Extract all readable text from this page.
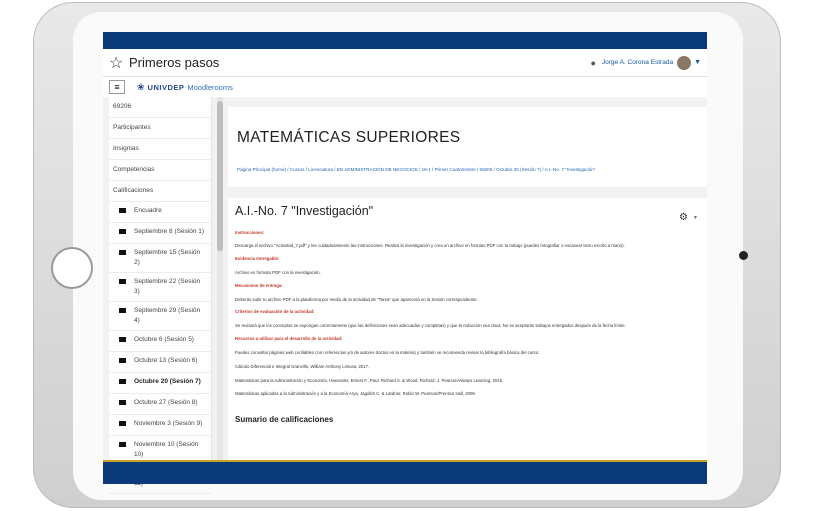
☆ Primeros pasos	● Jorge A. Corona Estrada	▼
≡	❀ UNIVDEP Moodlerooms
69206
Participantes
Insignias
Competencias
Calificaciones
Encuadre
Septiembre 8 (Sesión 1)
Septiembre 15 (Sesión 2)
Septiembre 22 (Sesión 3)
Septiembre 29 (Sesión 4)
Octubre 6 (Sesión 5)
Octubre 13 (Sesión 6)
Octubre 20 (Sesión 7)
Octubre 27 (Sesión 8)
Noviembre 3 (Sesión 9)
Noviembre 10 (Sesión 10)
MATEMÁTICAS SUPERIORES
Página Principal (home) / Cursos / Licenciatura / EN ADMINISTRACIÓN DE NEGOCIOS / 19-1 / Primer Cuatrimestre / 69206 / Octubre 20 (Sesión 7) / A.I.-No. 7 "Investigación"
A.I.-No. 7 "Investigación"	⚙ ▼
Instrucciones:
Descarga el archivo "Actividad_7.pdf" y lee cuidadosamente las instrucciones. Realiza la investigación y crea un archivo en formato PDF con tu trabajo (puedes fotografiar o escanear texto escrito a mano).
Evidencia entregable:
Archivo en formato PDF con la investigación.
Mecanismo de entrega:
Deberás subir tu archivo PDF a la plataforma por medio de la actividad de "Tarea" que aparecerá en la Sesión correspondiente.
Criterios de evaluación de la actividad:
Se revisará que los conceptos se expongan correctamente (que las definiciones sean adecuadas y completas) y que la redacción sea clara. No se aceptarán trabajos entregados después de la fecha límite.
Recursos a utilizar para el desarrollo de la actividad:
Puedes consultar páginas web confiables (con referencias y/o de autores doctos en la materia) y también se recomienda revisar la bibliografía básica del curso:
Cálculo Diferencial e Integral Granville, William Anthony Limusa, 2017.
Matemáticas para la Administración y Economía, Haeussler, Ernest F., Paul, Richard S. & Wood, Richard. J. Pearson/Always Learning, 2015.
Matemáticas aplicadas a la Administración y a la Economía Arya, Jagdish C. & Lardner, Robin W. Pearson/Prentice Hall, 2009.
Sumario de calificaciones
